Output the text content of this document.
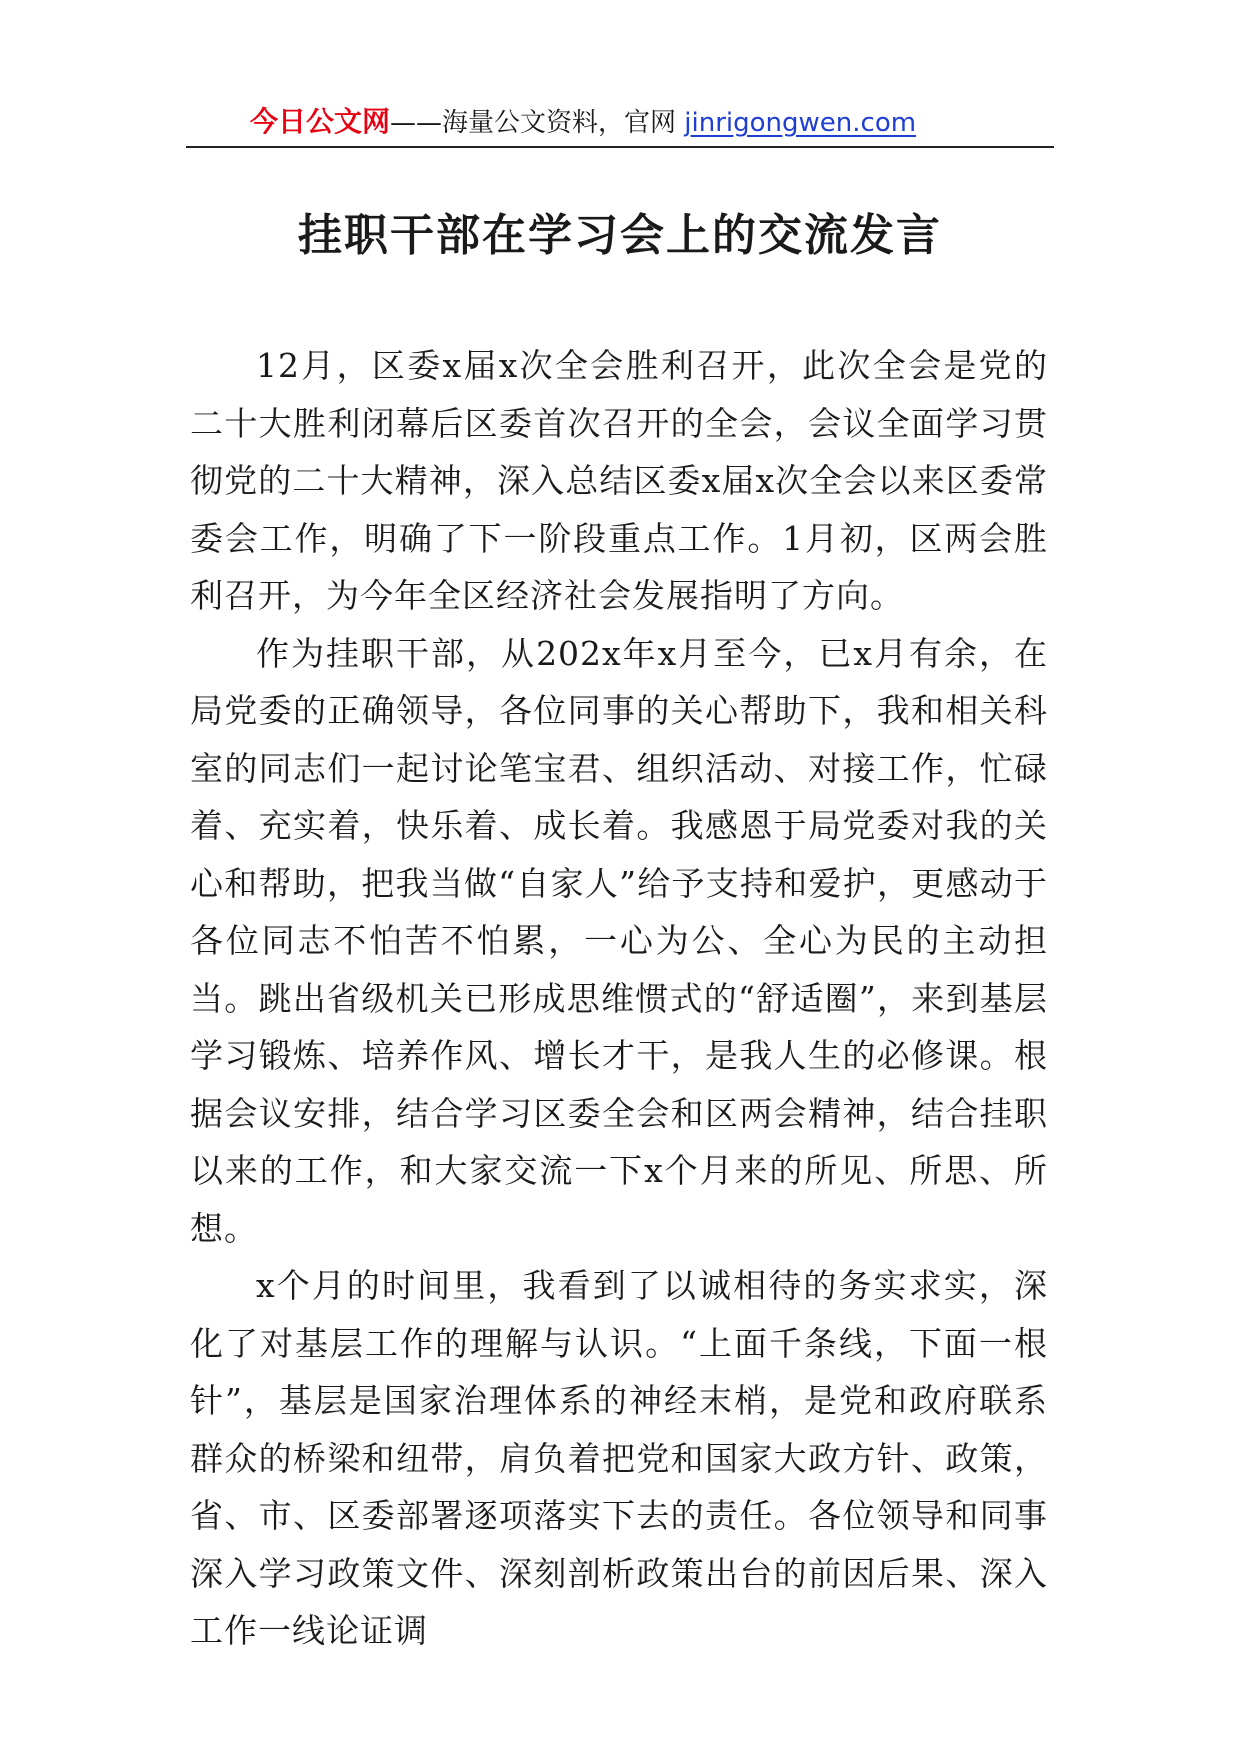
今日公文网——海量公文资料，官网 jinrigongwen.com
挂职干部在学习会上的交流发言

12月，区委x届x次全会胜利召开，此次全会是党的二十大胜利闭幕后区委首次召开的全会，会议全面学习贯彻党的二十大精神，深入总结区委x届x次全会以来区委常委会工作，明确了下一阶段重点工作。1月初，区两会胜利召开，为今年全区经济社会发展指明了方向。

作为挂职干部，从202x年x月至今，已x月有余，在局党委的正确领导，各位同事的关心帮助下，我和相关科室的同志们一起讨论笔宝君、组织活动、对接工作，忙碌着、充实着，快乐着、成长着。我感恩于局党委对我的关心和帮助，把我当做“自家人”给予支持和爱护，更感动于各位同志不怕苦不怕累，一心为公、全心为民的主动担当。跳出省级机关已形成思维惯式的“舒适圈”，来到基层学习锻炼、培养作风、增长才干，是我人生的必修课。根据会议安排，结合学习区委全会和区两会精神，结合挂职以来的工作，和大家交流一下x个月来的所见、所思、所想。

x个月的时间里，我看到了以诚相待的务实求实，深化了对基层工作的理解与认识。“上面千条线，下面一根针”，基层是国家治理体系的神经末梢，是党和政府联系群众的桥梁和纽带，肩负着把党和国家大政方针、政策，省、市、区委部署逐项落实下去的责任。各位领导和同事深入学习政策文件、深刻剖析政策出台的前因后果、深入工作一线论证调
